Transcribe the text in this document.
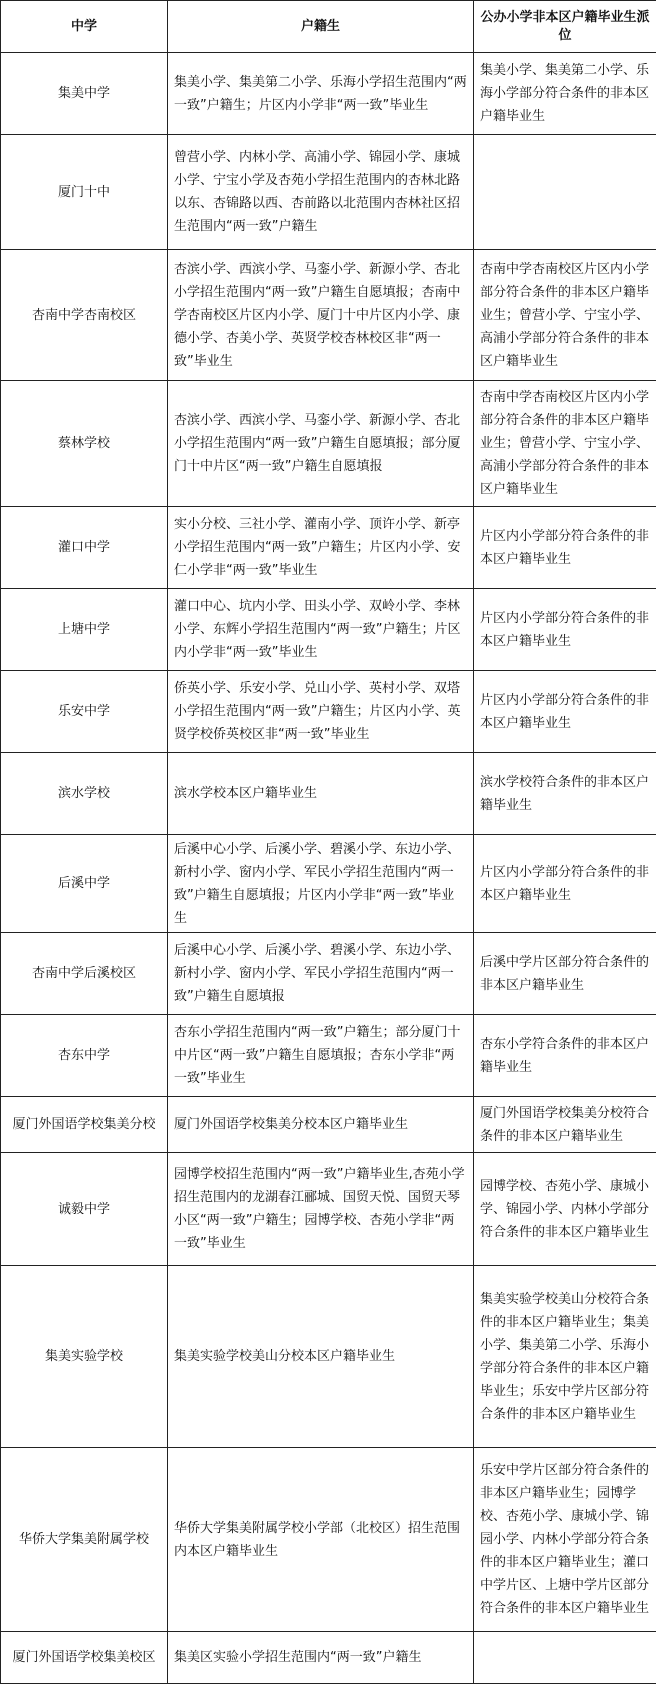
中学	户籍生	公办小学非本区户籍毕业生派位
集美中学	集美小学、集美第二小学、乐海小学招生范围内“两一致”户籍生；片区内小学非“两一致”毕业生	集美小学、集美第二小学、乐海小学部分符合条件的非本区户籍毕业生
厦门十中	曾营小学、内林小学、高浦小学、锦园小学、康城小学、宁宝小学及杏苑小学招生范围内的杏林北路以东、杏锦路以西、杏前路以北范围内杏林社区招生范围内“两一致”户籍生	
杏南中学杏南校区	杏滨小学、西滨小学、马銮小学、新源小学、杏北小学招生范围内“两一致”户籍生自愿填报；杏南中学杏南校区片区内小学、厦门十中片区内小学、康德小学、杏美小学、英贤学校杏林校区非“两一致”毕业生	杏南中学杏南校区片区内小学部分符合条件的非本区户籍毕业生；曾营小学、宁宝小学、高浦小学部分符合条件的非本区户籍毕业生
蔡林学校	杏滨小学、西滨小学、马銮小学、新源小学、杏北小学招生范围内“两一致”户籍生自愿填报；部分厦门十中片区“两一致”户籍生自愿填报	杏南中学杏南校区片区内小学部分符合条件的非本区户籍毕业生；曾营小学、宁宝小学、高浦小学部分符合条件的非本区户籍毕业生
灌口中学	实小分校、三社小学、灌南小学、顶许小学、新亭小学招生范围内“两一致”户籍生；片区内小学、安仁小学非“两一致”毕业生	片区内小学部分符合条件的非本区户籍毕业生
上塘中学	灌口中心、坑内小学、田头小学、双岭小学、李林小学、东辉小学招生范围内“两一致”户籍生；片区内小学非“两一致”毕业生	片区内小学部分符合条件的非本区户籍毕业生
乐安中学	侨英小学、乐安小学、兑山小学、英村小学、双塔小学招生范围内“两一致”户籍生；片区内小学、英贤学校侨英校区非“两一致”毕业生	片区内小学部分符合条件的非本区户籍毕业生
滨水学校	滨水学校本区户籍毕业生	滨水学校符合条件的非本区户籍毕业生
后溪中学	后溪中心小学、后溪小学、碧溪小学、东边小学、新村小学、窗内小学、军民小学招生范围内“两一致”户籍生自愿填报；片区内小学非“两一致”毕业生	片区内小学部分符合条件的非本区户籍毕业生
杏南中学后溪校区	后溪中心小学、后溪小学、碧溪小学、东边小学、新村小学、窗内小学、军民小学招生范围内“两一致”户籍生自愿填报	后溪中学片区部分符合条件的非本区户籍毕业生
杏东中学	杏东小学招生范围内“两一致”户籍生；部分厦门十中片区“两一致”户籍生自愿填报；杏东小学非“两一致”毕业生	杏东小学符合条件的非本区户籍毕业生
厦门外国语学校集美分校	厦门外国语学校集美分校本区户籍毕业生	厦门外国语学校集美分校符合条件的非本区户籍毕业生
诚毅中学	园博学校招生范围内“两一致”户籍毕业生,杏苑小学招生范围内的龙湖春江郦城、国贸天悦、国贸天琴小区“两一致”户籍生；园博学校、杏苑小学非“两一致”毕业生	园博学校、杏苑小学、康城小学、锦园小学、内林小学部分符合条件的非本区户籍毕业生
集美实验学校	集美实验学校美山分校本区户籍毕业生	集美实验学校美山分校符合条件的非本区户籍毕业生；集美小学、集美第二小学、乐海小学部分符合条件的非本区户籍毕业生；乐安中学片区部分符合条件的非本区户籍毕业生
华侨大学集美附属学校	华侨大学集美附属学校小学部（北校区）招生范围内本区户籍毕业生	乐安中学片区部分符合条件的非本区户籍毕业生；园博学校、杏苑小学、康城小学、锦园小学、内林小学部分符合条件的非本区户籍毕业生；灌口中学片区、上塘中学片区部分符合条件的非本区户籍毕业生
厦门外国语学校集美校区	集美区实验小学招生范围内“两一致”户籍生	
